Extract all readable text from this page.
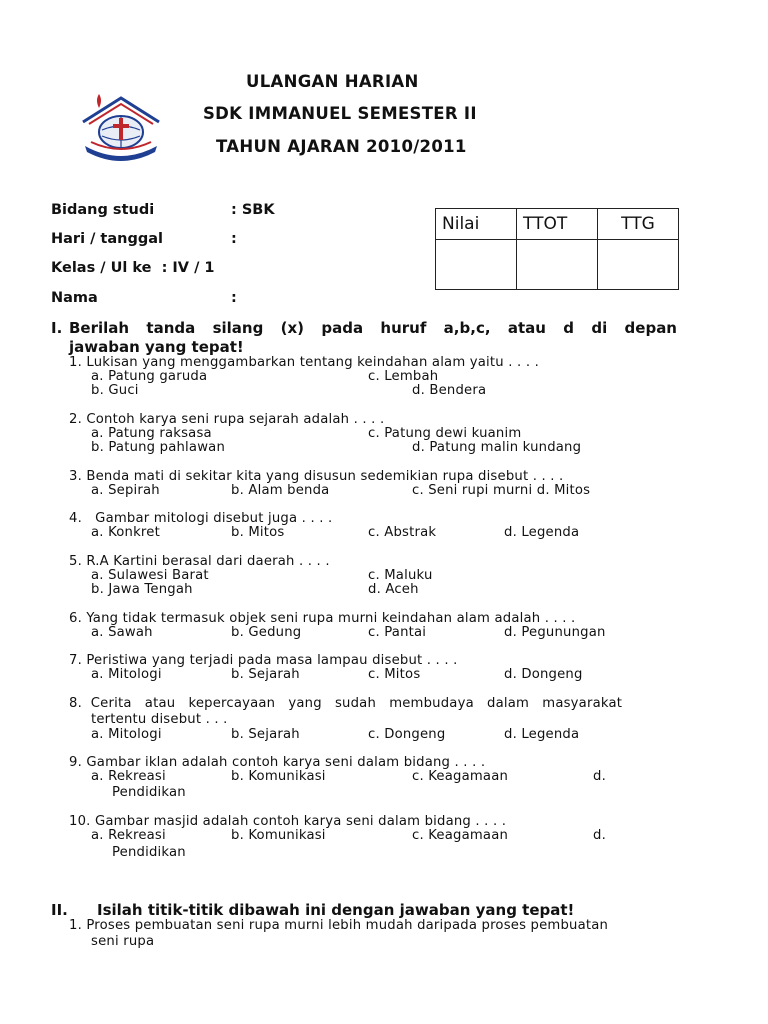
ULANGAN HARIAN
SDK IMMANUEL SEMESTER II
TAHUN AJARAN 2010/2011
Bidang studi	: SBK
Hari / tanggal	:
Kelas / Ul ke  : IV / 1
Nama	:
Nilai	TTOT	TTG

I. Berilah tanda silang (x) pada huruf a,b,c, atau d di depan
jawaban yang tepat!
1. Lukisan yang menggambarkan tentang keindahan alam yaitu . . . .
a. Patung garuda	c. Lembah
b. Guci	d. Bendera
2. Contoh karya seni rupa sejarah adalah . . . .
a. Patung raksasa	c. Patung dewi kuanim
b. Patung pahlawan	d. Patung malin kundang
3. Benda mati di sekitar kita yang disusun sedemikian rupa disebut . . . .
a. Sepirah	b. Alam benda	c. Seni rupi murni d. Mitos
4.   Gambar mitologi disebut juga . . . .
a. Konkret	b. Mitos	c. Abstrak	d. Legenda
5. R.A Kartini berasal dari daerah . . . .
a. Sulawesi Barat	c. Maluku
b. Jawa Tengah	d. Aceh
6. Yang tidak termasuk objek seni rupa murni keindahan alam adalah . . . .
a. Sawah	b. Gedung	c. Pantai	d. Pegunungan
7. Peristiwa yang terjadi pada masa lampau disebut . . . .
a. Mitologi	b. Sejarah	c. Mitos	d. Dongeng
8.  Cerita   atau   kepercayaan   yang   sudah   membudaya   dalam   masyarakat
tertentu disebut . . .
a. Mitologi	b. Sejarah	c. Dongeng	d. Legenda
9. Gambar iklan adalah contoh karya seni dalam bidang . . . .
a. Rekreasi	b. Komunikasi	c. Keagamaan	d.
Pendidikan
10. Gambar masjid adalah contoh karya seni dalam bidang . . . .
a. Rekreasi	b. Komunikasi	c. Keagamaan	d.
Pendidikan
II. Isilah titik-titik dibawah ini dengan jawaban yang tepat!
1. Proses pembuatan seni rupa murni lebih mudah daripada proses pembuatan
seni rupa
